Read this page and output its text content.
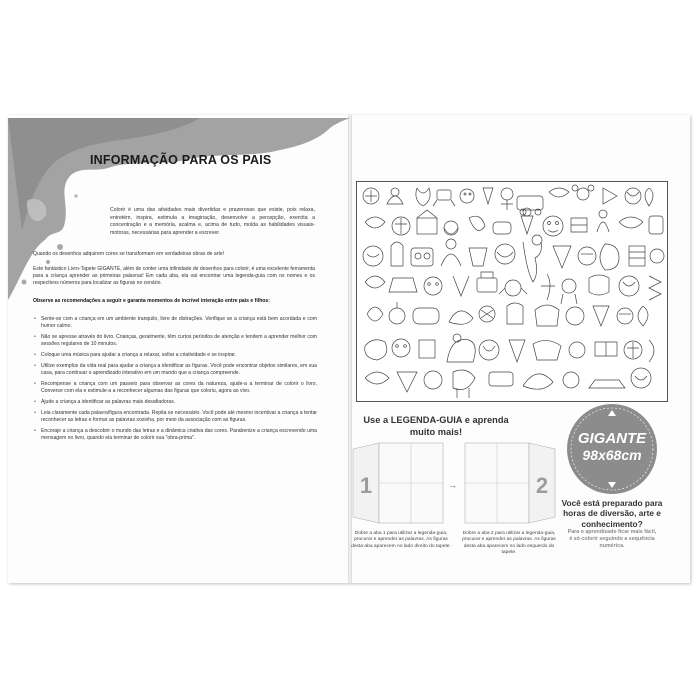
INFORMAÇÃO PARA OS PAIS
Colorir é uma das atividades mais divertidas e prazerosas que existe, pois relaxa, entretém, inspira, estimula a imaginação, desenvolve a percepção, exercita a concentração e a memória, acalma e, acima de tudo, molda as habilidades visuais-motoras, necessárias para aprender a escrever.
Quando os desenhos adquirem cores se transformam em verdadeiras obras de arte!
Este fantástico Livro-Tapete GIGANTE, além de conter uma infinidade de desenhos para colorir, é uma excelente ferramenta para a criança aprender as primeiras palavras! Em cada aba, ela vai encontrar uma legenda-guia com os nomes e os respectivos números para localizar as figuras no cenário.
Observe as recomendações a seguir e garanta momentos de incrível interação entre pais e filhos:
• Sente-se com a criança em um ambiente tranquilo, livre de distrações. Verifique se a criança está bem acordada e com humor calmo.
• Não se apresse através do livro. Crianças, geralmente, têm curtos períodos de atenção e tendem a aprender melhor com sessões regulares de 10 minutos.
• Coloque uma música para ajudar a criança a relaxar, soltar a criatividade e se inspirar.
• Utilize exemplos da vida real para ajudar a criança a identificar as figuras. Você pode encontrar objetos similares, em sua casa, para continuar o aprendizado interativo em um mundo que a criança compreende.
• Recompense a criança com um passeio para observar as cores da natureza, ajude-a a terminar de colorir o livro. Converse com ela e estimule-a a reconhecer algumas das figuras que coloriu, agora ao vivo.
• Ajude a criança a identificar as palavras mais desafiadoras.
• Leia claramente cada palavra/figura encontrada. Repita se necessário. Você pode até mesmo incentivar a criança a tentar reconhecer as letras e formar as palavras sozinha, por meio da associação com as figuras.
• Encoraje a criança a descobrir o mundo das letras e a dinâmica criativa das cores. Parabenize a criança escrevendo uma mensagem no livro, quando ela terminar de colorir sua "obra-prima".
Use a LEGENDA-GUIA e aprenda muito mais!
1	→	2
Dobre a aba 1 para utilizar a legenda-guia, procurar e aprender as palavras. As figuras desta aba aparecem no lado direito do tapete.
Dobre a aba 2 para utilizar a legenda-guia, procurar e aprender as palavras. As figuras desta aba aparecem no lado esquerdo do tapete.
GIGANTE
98x68cm
Você está preparado para horas de diversão, arte e conhecimento?
Para o aprendizado ficar mais fácil, é só colorir seguindo a sequência numérica.
